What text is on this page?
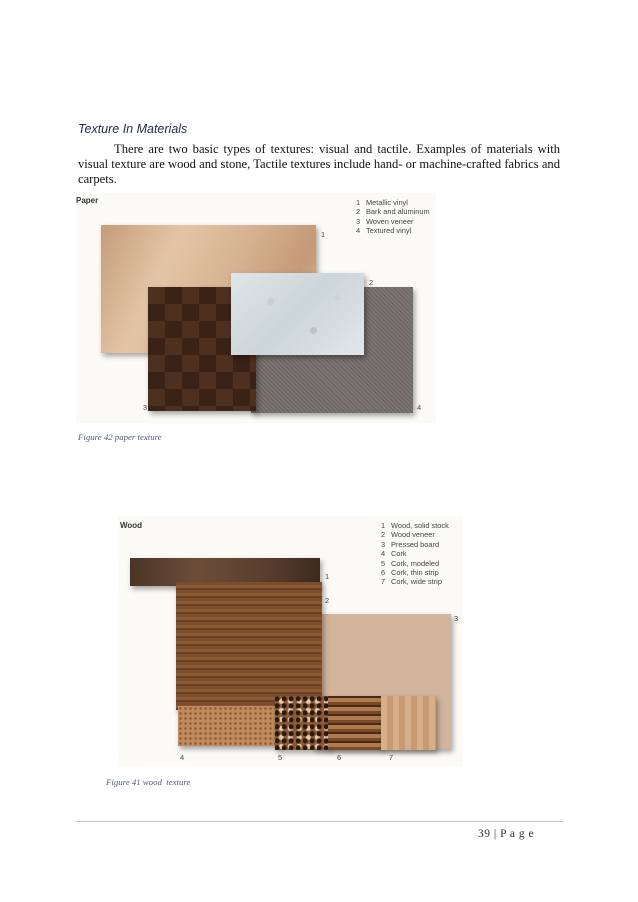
Texture In Materials
There are two basic types of textures: visual and tactile. Examples of materials with visual texture are wood and stone, Tactile textures include hand- or machine-crafted fabrics and carpets.
Paper	1 Metallic vinyl
2 Bark and aluminum
3 Woven veneer
4 Textured vinyl
1
2
3	4
Figure 42 paper texture
Wood	1 Wood, solid stock
2 Wood veneer
3 Pressed board
4 Cork
5 Cork, modeled
6 Cork, thin strip
7 Cork, wide strip
1
2
3
4	5	6	7
Figure 41 wood  texture
39 | P a g e
